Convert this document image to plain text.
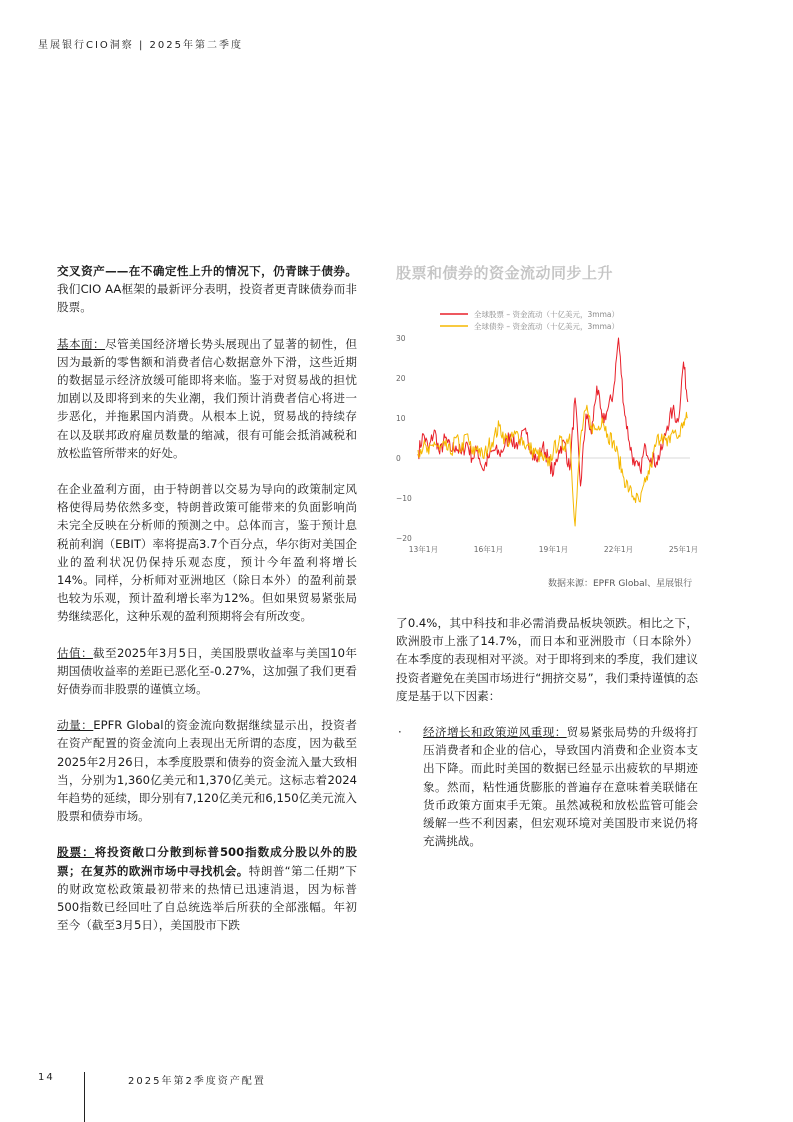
星展银行CIO洞察 | 2025年第二季度

交叉资产——在不确定性上升的情况下，仍青睐于债券。我们CIO AA框架的最新评分表明，投资者更青睐债券而非股票。

基本面：尽管美国经济增长势头展现出了显著的韧性，但因为最新的零售额和消费者信心数据意外下滑，这些近期的数据显示经济放缓可能即将来临。鉴于对贸易战的担忧加剧以及即将到来的失业潮，我们预计消费者信心将进一步恶化，并拖累国内消费。从根本上说，贸易战的持续存在以及联邦政府雇员数量的缩减，很有可能会抵消减税和放松监管所带来的好处。

在企业盈利方面，由于特朗普以交易为导向的政策制定风格使得局势依然多变，特朗普政策可能带来的负面影响尚未完全反映在分析师的预测之中。总体而言，鉴于预计息税前利润（EBIT）率将提高3.7个百分点，华尔街对美国企业的盈利状况仍保持乐观态度，预计今年盈利将增长14%。同样，分析师对亚洲地区（除日本外）的盈利前景也较为乐观，预计盈利增长率为12%。但如果贸易紧张局势继续恶化，这种乐观的盈利预期将会有所改变。

估值：截至2025年3月5日，美国股票收益率与美国10年期国债收益率的差距已恶化至-0.27%，这加强了我们更看好债券而非股票的谨慎立场。

动量：EPFR Global的资金流向数据继续显示出，投资者在资产配置的资金流向上表现出无所谓的态度，因为截至2025年2月26日，本季度股票和债券的资金流入量大致相当，分别为1,360亿美元和1,370亿美元。这标志着2024年趋势的延续，即分别有7,120亿美元和6,150亿美元流入股票和债券市场。

股票：将投资敞口分散到标普500指数成分股以外的股票；在复苏的欧洲市场中寻找机会。特朗普“第二任期”下的财政宽松政策最初带来的热情已迅速消退，因为标普500指数已经回吐了自总统选举后所获的全部涨幅。年初至今（截至3月5日），美国股市下跌

股票和债券的资金流动同步上升
30
20
10
0
−10
−20
13年1月	16年1月	19年1月	22年1月	25年1月
全球股票 – 资金流动（十亿美元，3mma）
全球债券 – 资金流动（十亿美元，3mma）
数据来源：EPFR Global、星展银行

了0.4%，其中科技和非必需消费品板块领跌。相比之下，欧洲股市上涨了14.7%，而日本和亚洲股市（日本除外）在本季度的表现相对平淡。对于即将到来的季度，我们建议投资者避免在美国市场进行“拥挤交易”，我们秉持谨慎的态度是基于以下因素：

· 经济增长和政策逆风重现：贸易紧张局势的升级将打压消费者和企业的信心，导致国内消费和企业资本支出下降。而此时美国的数据已经显示出疲软的早期迹象。然而，粘性通货膨胀的普遍存在意味着美联储在货币政策方面束手无策。虽然减税和放松监管可能会缓解一些不利因素，但宏观环境对美国股市来说仍将充满挑战。
14	2025年第2季度资产配置
